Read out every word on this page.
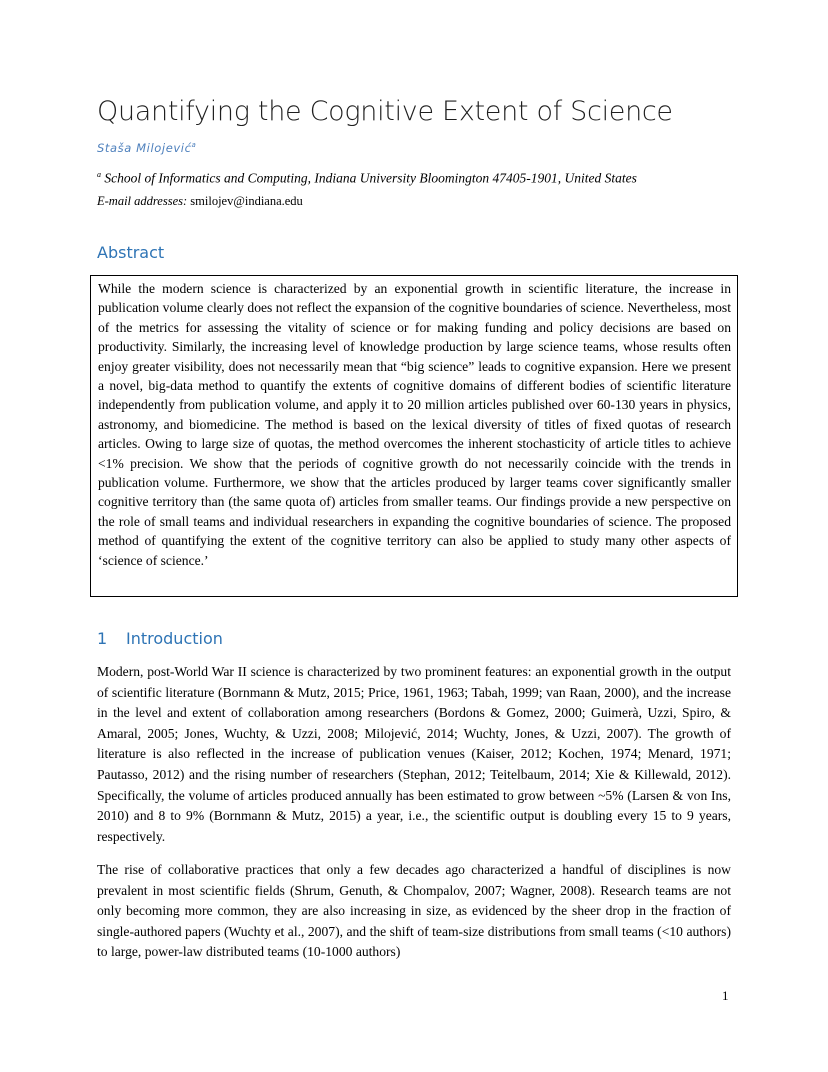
Quantifying the Cognitive Extent of Science
Staša Milojević$^a$
$^a$ School of Informatics and Computing, Indiana University Bloomington 47405-1901, United States
E-mail addresses: smilojev@indiana.edu
Abstract

While the modern science is characterized by an exponential growth in scientific literature, the increase in publication volume clearly does not reflect the expansion of the cognitive boundaries of science. Nevertheless, most of the metrics for assessing the vitality of science or for making funding and policy decisions are based on productivity. Similarly, the increasing level of knowledge production by large science teams, whose results often enjoy greater visibility, does not necessarily mean that “big science” leads to cognitive expansion. Here we present a novel, big-data method to quantify the extents of cognitive domains of different bodies of scientific literature independently from publication volume, and apply it to 20 million articles published over 60-130 years in physics, astronomy, and biomedicine. The method is based on the lexical diversity of titles of fixed quotas of research articles. Owing to large size of quotas, the method overcomes the inherent stochasticity of article titles to achieve <1% precision. We show that the periods of cognitive growth do not necessarily coincide with the trends in publication volume. Furthermore, we show that the articles produced by larger teams cover significantly smaller cognitive territory than (the same quota of) articles from smaller teams. Our findings provide a new perspective on the role of small teams and individual researchers in expanding the cognitive boundaries of science. The proposed method of quantifying the extent of the cognitive territory can also be applied to study many other aspects of ‘science of science.’

1 Introduction

Modern, post-World War II science is characterized by two prominent features: an exponential growth in the output of scientific literature (Bornmann & Mutz, 2015; Price, 1961, 1963; Tabah, 1999; van Raan, 2000), and the increase in the level and extent of collaboration among researchers (Bordons & Gomez, 2000; Guimerà, Uzzi, Spiro, & Amaral, 2005; Jones, Wuchty, & Uzzi, 2008; Milojević, 2014; Wuchty, Jones, & Uzzi, 2007). The growth of literature is also reflected in the increase of publication venues (Kaiser, 2012; Kochen, 1974; Menard, 1971; Pautasso, 2012) and the rising number of researchers (Stephan, 2012; Teitelbaum, 2014; Xie & Killewald, 2012). Specifically, the volume of articles produced annually has been estimated to grow between ~5% (Larsen & von Ins, 2010) and 8 to 9% (Bornmann & Mutz, 2015) a year, i.e., the scientific output is doubling every 15 to 9 years, respectively.

The rise of collaborative practices that only a few decades ago characterized a handful of disciplines is now prevalent in most scientific fields (Shrum, Genuth, & Chompalov, 2007; Wagner, 2008). Research teams are not only becoming more common, they are also increasing in size, as evidenced by the sheer drop in the fraction of single-authored papers (Wuchty et al., 2007), and the shift of team-size distributions from small teams (<10 authors) to large, power-law distributed teams (10-1000 authors)

1
